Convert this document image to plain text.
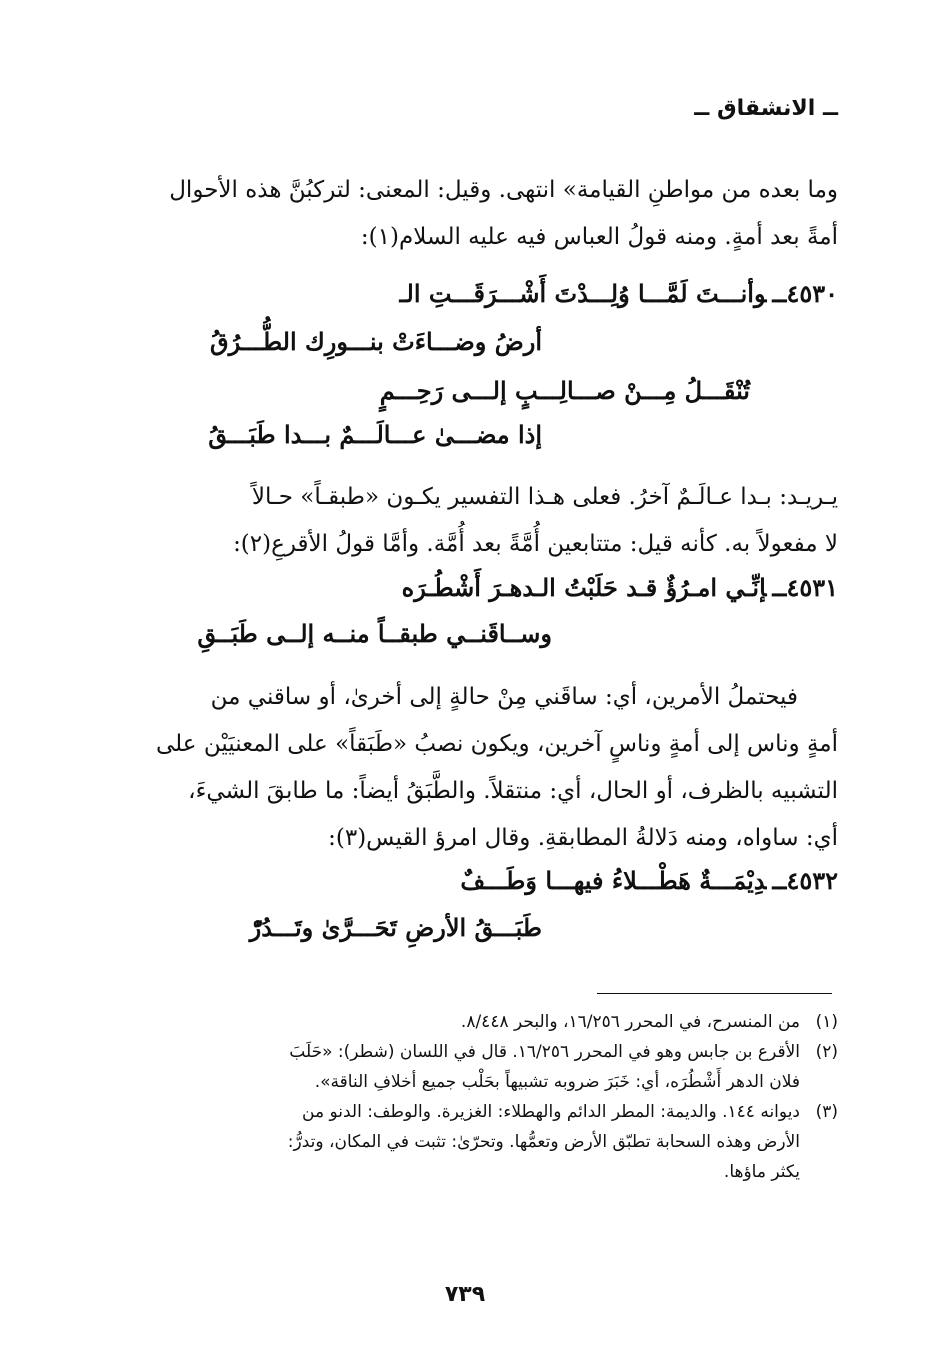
ــ الانشقاق ــ

وما بعده من مواطنِ القيامة» انتهى. وقيل: المعنى: لتركبُنَّ هذه الأحوال

أمةً بعد أمةٍ. ومنه قولُ العباس فيه عليه السلام(١):

٤٥٣٠ــوأنـــتَ لَمَّـــا وُلِـــدْتَ أَشْـــرَقَـــتِ الـ
أرضُ وضـــاءَتْ بنـــورِك الطُّـــرُقُ
تُنْقَـــلُ مِـــنْ صـــالِـــبٍ إلـــى رَحِـــمٍ
إذا مضـــىٰ عـــالَـــمٌ بـــدا طَبَـــقُ

يـريـد: بـدا عـالَـمٌ آخرُ. فعلى هـذا التفسير يكـون «طبقـاً» حـالاً

لا مفعولاً به. كأنه قيل: متتابعين أُمَّةً بعد أُمَّة. وأمَّا قولُ الأقرعِ(٢):

٤٥٣١ــإنِّـي امـرُؤٌ قـد حَلَبْتُ الـدهـرَ أَشْطُـرَه
وســاقَنــي طبقــاً منــه إلــى طَبَــقِ

فيحتملُ الأمرين، أي: ساقَني مِنْ حالةٍ إلى أخرىٰ، أو ساقني من

أمةٍ وناس إلى أمةٍ وناسٍ آخرين، ويكون نصبُ «طَبَقاً» على المعنيَيْن على

التشبيه بالظرف، أو الحال، أي: منتقلاً. والطَّبَقُ أيضاً: ما طابقَ الشيءَ،

أي: ساواه، ومنه دَلالةُ المطابقةِ. وقال امرؤ القيس(٣):

٤٥٣٢ــدِيْمَـــةٌ هَطْـــلاءُ فيهـــا وَطَـــفٌ
طَبَـــقُ الأرضِ تَحَـــرَّىٰ وتَـــدُرّْ

(١)من المنسرح، في المحرر ١٦/٢٥٦، والبحر ٨/٤٤٨.

(٢)الأقرع بن جابس وهو في المحرر ١٦/٢٥٦. قال في اللسان (شطر): «حَلَبَ

فلان الدهر أَشْطُرَه، أي: خَبَرَ ضروبه تشبيهاً بحَلْب جميع أخلافِ الناقة».

(٣)ديوانه ١٤٤. والديمة: المطر الدائم والهطلاء: الغزيرة. والوطف: الدنو من

الأرض وهذه السحابة تطبّق الأرض وتعمُّها. وتحرّىٰ: تثبت في المكان، وتدرُّ:

يكثر ماؤها.

٧٣٩
